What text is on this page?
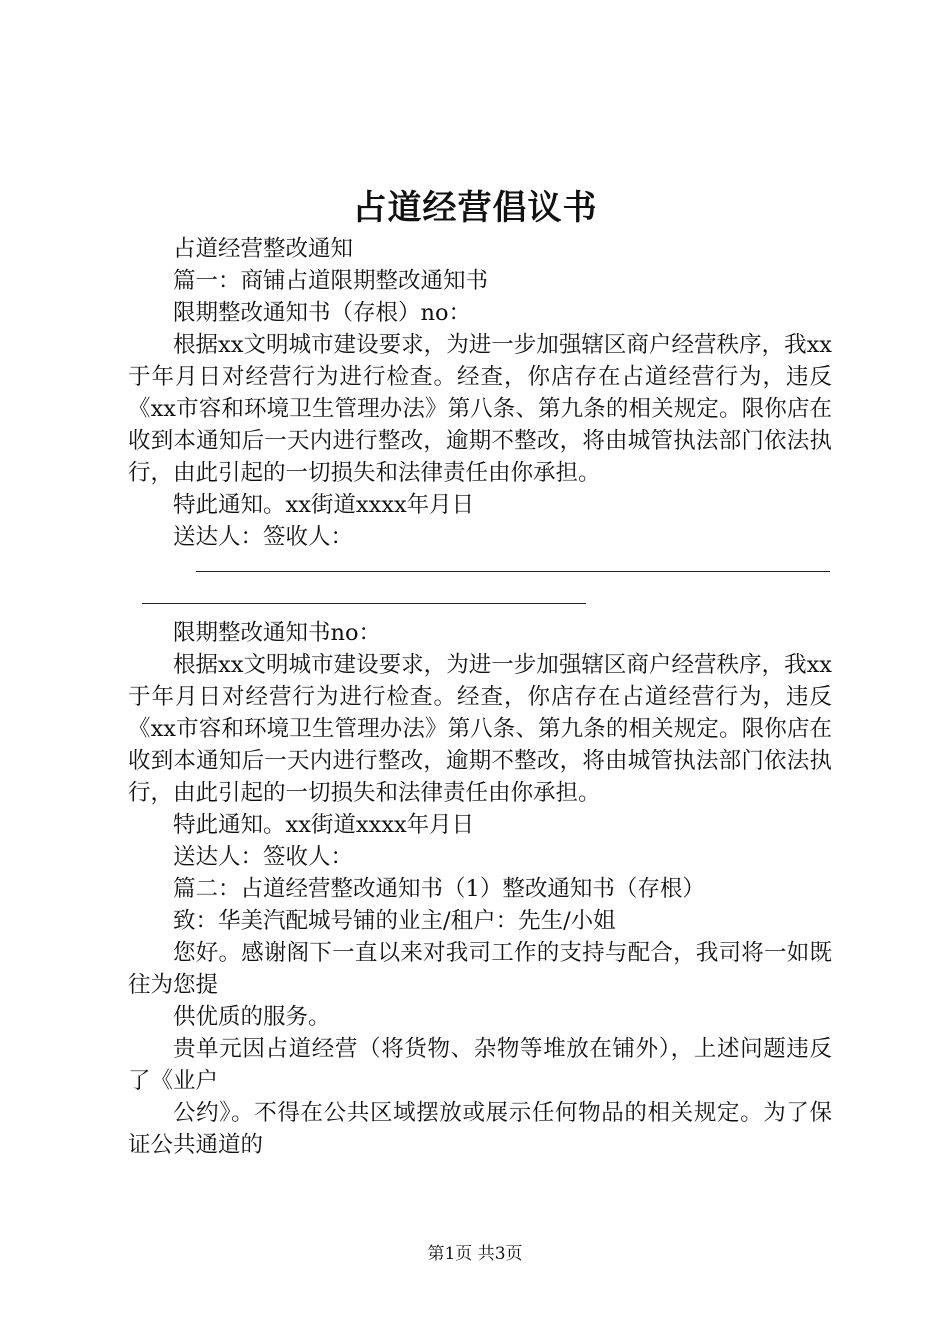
占道经营倡议书

占道经营整改通知

篇一：商铺占道限期整改通知书

限期整改通知书（存根）no：

根据xx文明城市建设要求，为进一步加强辖区商户经营秩序，我xx于年月日对经营行为进行检查。经查，你店存在占道经营行为，违反《xx市容和环境卫生管理办法》第八条、第九条的相关规定。限你店在收到本通知后一天内进行整改，逾期不整改，将由城管执法部门依法执行，由此引起的一切损失和法律责任由你承担。

特此通知。xx街道xxxx年月日

送达人：签收人：

限期整改通知书no：

根据xx文明城市建设要求，为进一步加强辖区商户经营秩序，我xx于年月日对经营行为进行检查。经查，你店存在占道经营行为，违反《xx市容和环境卫生管理办法》第八条、第九条的相关规定。限你店在收到本通知后一天内进行整改，逾期不整改，将由城管执法部门依法执行，由此引起的一切损失和法律责任由你承担。

特此通知。xx街道xxxx年月日

送达人：签收人：

篇二：占道经营整改通知书（1）整改通知书（存根）

致：华美汽配城号铺的业主/租户：先生/小姐

您好。感谢阁下一直以来对我司工作的支持与配合，我司将一如既往为您提

供优质的服务。

贵单元因占道经营（将货物、杂物等堆放在铺外），上述问题违反了《业户

公约》。不得在公共区域摆放或展示任何物品的相关规定。为了保证公共通道的

第1页 共3页
